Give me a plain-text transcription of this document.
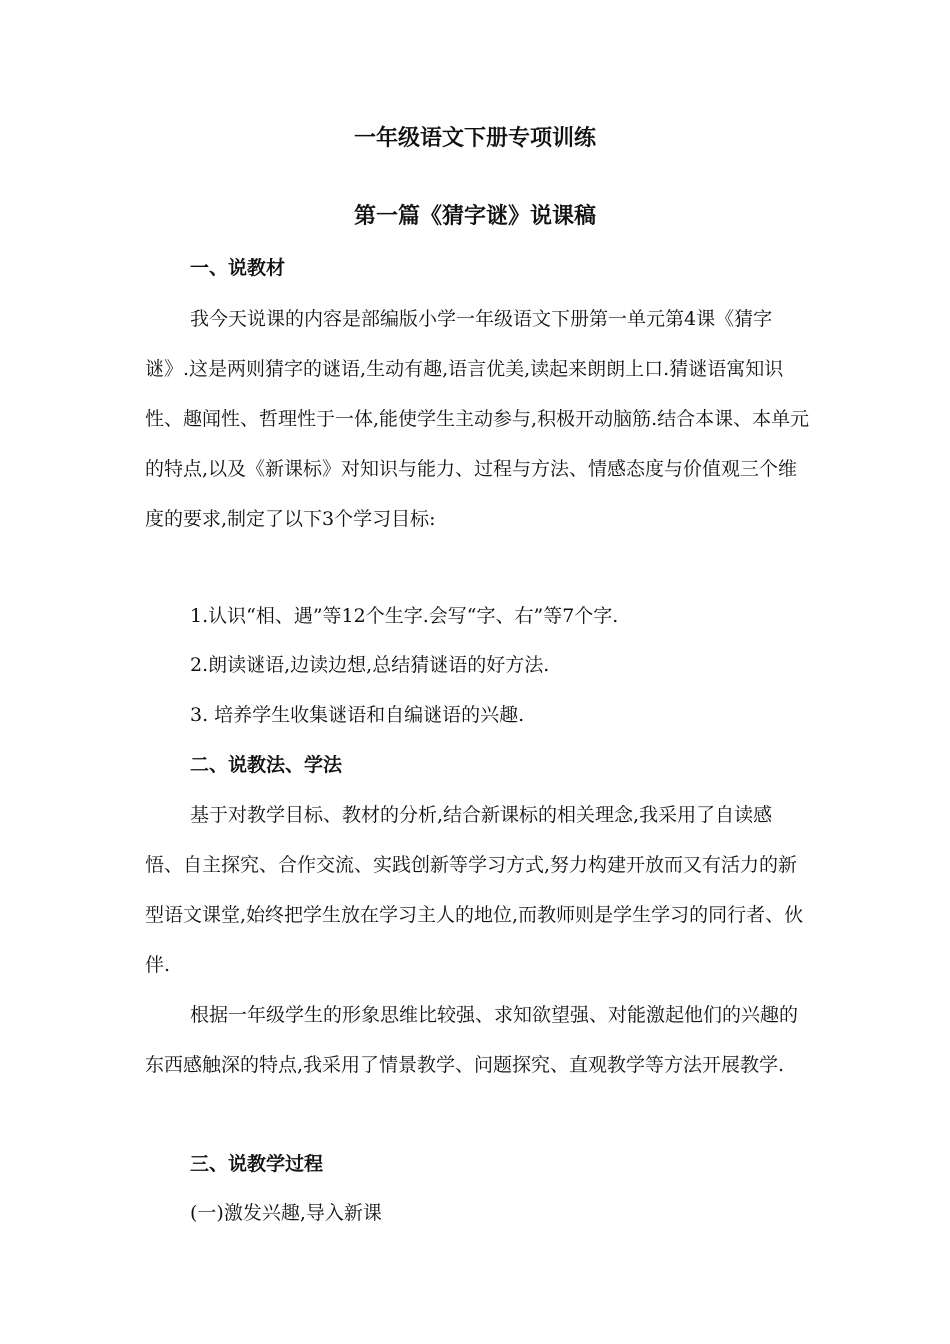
一年级语文下册专项训练
第一篇《猜字谜》说课稿
一、说教材

我今天说课的内容是部编版小学一年级语文下册第一单元第4课《猜字谜》.这是两则猜字的谜语,生动有趣,语言优美,读起来朗朗上口.猜谜语寓知识性、趣闻性、哲理性于一体,能使学生主动参与,积极开动脑筋.结合本课、本单元的特点,以及《新课标》对知识与能力、过程与方法、情感态度与价值观三个维度的要求,制定了以下3个学习目标:

1.认识“相、遇”等12个生字.会写“字、右”等7个字.

2.朗读谜语,边读边想,总结猜谜语的好方法.

3. 培养学生收集谜语和自编谜语的兴趣.

二、说教法、学法

基于对教学目标、教材的分析,结合新课标的相关理念,我采用了自读感悟、自主探究、合作交流、实践创新等学习方式,努力构建开放而又有活力的新型语文课堂,始终把学生放在学习主人的地位,而教师则是学生学习的同行者、伙伴.

根据一年级学生的形象思维比较强、求知欲望强、对能激起他们的兴趣的东西感触深的特点,我采用了情景教学、问题探究、直观教学等方法开展教学.

三、说教学过程

(一)激发兴趣,导入新课
